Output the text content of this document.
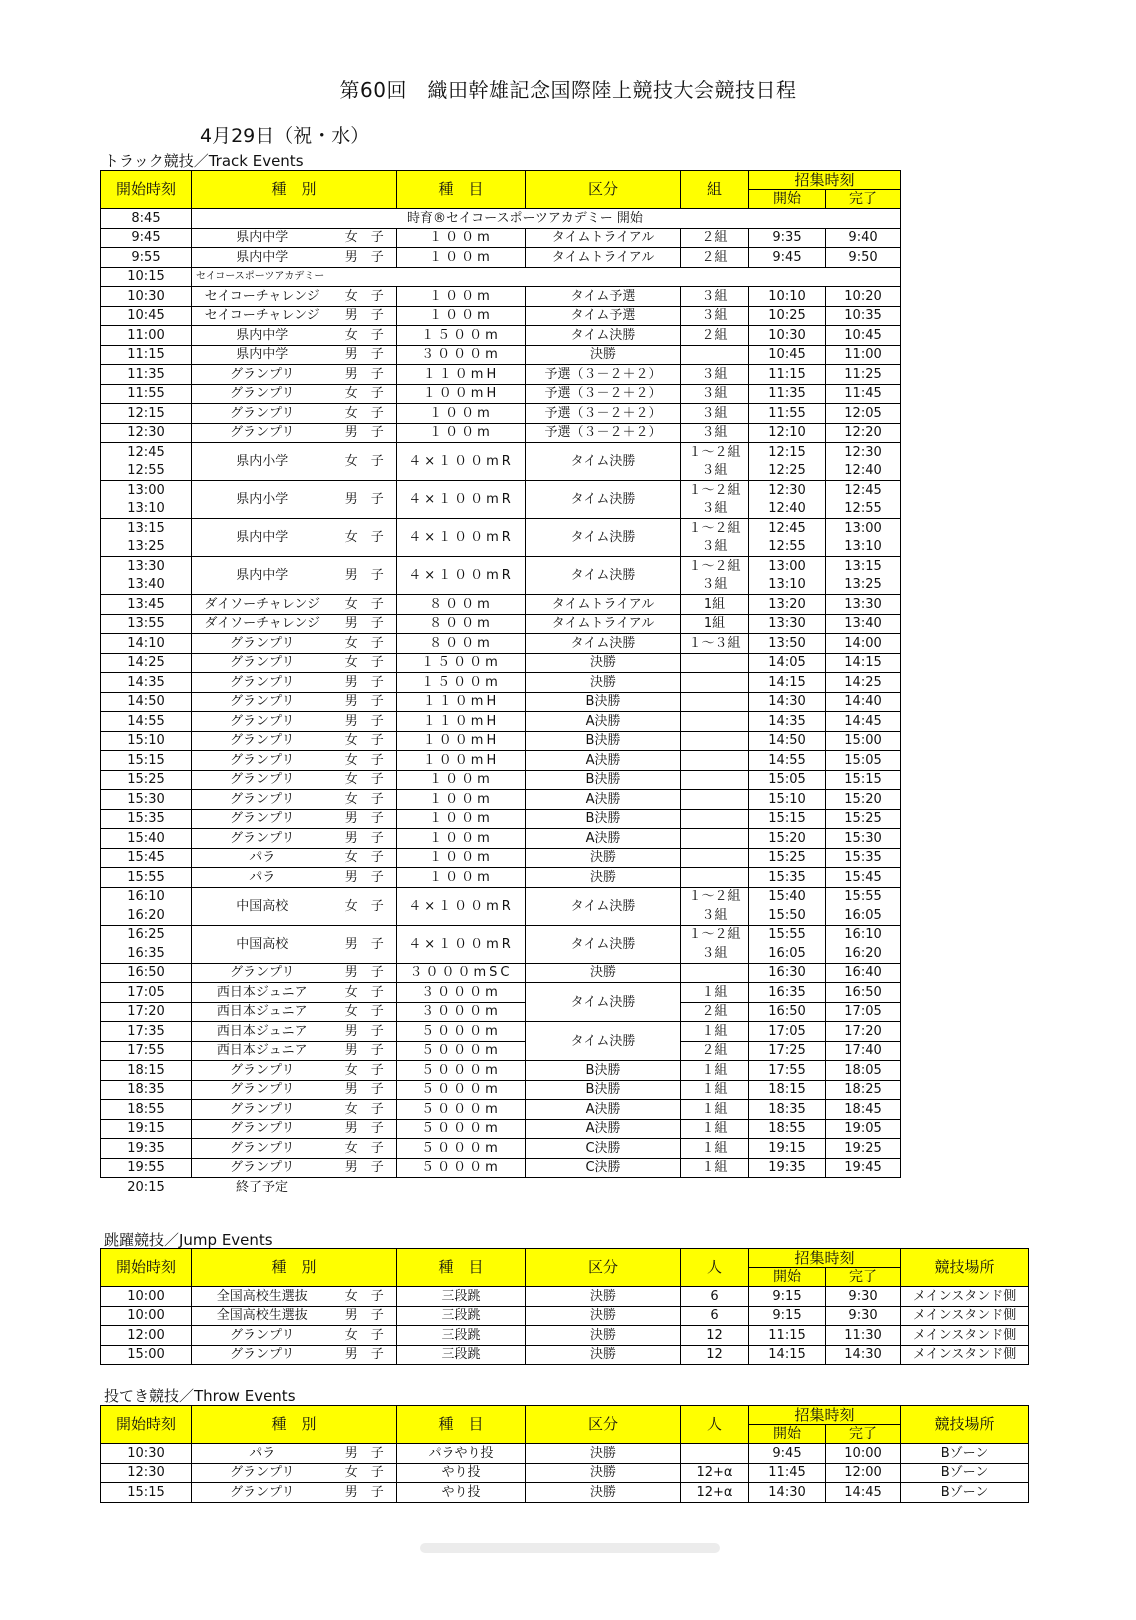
第60回　織田幹雄記念国際陸上競技大会競技日程
4月29日（祝・水）
トラック競技／Track Events
開始時刻	種　別		種　目	区分	組	招集時刻	
						開始	完了
8:45	時育®セイコースポーツアカデミー 開始						
9:45	県内中学	女　子	１００m	タイムトライアル	２組	9:35	9:40
9:55	県内中学	男　子	１００m	タイムトライアル	２組	9:45	9:50
10:15	セイコースポーツアカデミー						
10:30	セイコーチャレンジ	女　子	１００m	タイム予選	３組	10:10	10:20
10:45	セイコーチャレンジ	男　子	１００m	タイム予選	３組	10:25	10:35
11:00	県内中学	女　子	１５００m	タイム決勝	２組	10:30	10:45
11:15	県内中学	男　子	３０００m	決勝		10:45	11:00
11:35	グランプリ	男　子	１１０mH	予選（３－２＋２）	３組	11:15	11:25
11:55	グランプリ	女　子	１００mH	予選（３－２＋２）	３組	11:35	11:45
12:15	グランプリ	女　子	１００m	予選（３－２＋２）	３組	11:55	12:05
12:30	グランプリ	男　子	１００m	予選（３－２＋２）	３組	12:10	12:20
12:45	県内小学	女　子	４×１００mR	タイム決勝	１～２組	12:15	12:30
12:55					３組	12:25	12:40
13:00	県内小学	男　子	４×１００mR	タイム決勝	１～２組	12:30	12:45
13:10					３組	12:40	12:55
13:15	県内中学	女　子	４×１００mR	タイム決勝	１～２組	12:45	13:00
13:25					３組	12:55	13:10
13:30	県内中学	男　子	４×１００mR	タイム決勝	１～２組	13:00	13:15
13:40					３組	13:10	13:25
13:45	ダイソーチャレンジ	女　子	８００m	タイムトライアル	1組	13:20	13:30
13:55	ダイソーチャレンジ	男　子	８００m	タイムトライアル	1組	13:30	13:40
14:10	グランプリ	女　子	８００m	タイム決勝	１～３組	13:50	14:00
14:25	グランプリ	女　子	１５００m	決勝		14:05	14:15
14:35	グランプリ	男　子	１５００m	決勝		14:15	14:25
14:50	グランプリ	男　子	１１０mH	B決勝		14:30	14:40
14:55	グランプリ	男　子	１１０mH	A決勝		14:35	14:45
15:10	グランプリ	女　子	１００mH	B決勝		14:50	15:00
15:15	グランプリ	女　子	１００mH	A決勝		14:55	15:05
15:25	グランプリ	女　子	１００m	B決勝		15:05	15:15
15:30	グランプリ	女　子	１００m	A決勝		15:10	15:20
15:35	グランプリ	男　子	１００m	B決勝		15:15	15:25
15:40	グランプリ	男　子	１００m	A決勝		15:20	15:30
15:45	パラ	女　子	１００m	決勝		15:25	15:35
15:55	パラ	男　子	１００m	決勝		15:35	15:45
16:10	中国高校	女　子	４×１００mR	タイム決勝	１～２組	15:40	15:55
16:20					３組	15:50	16:05
16:25	中国高校	男　子	４×１００mR	タイム決勝	１～２組	15:55	16:10
16:35					３組	16:05	16:20
16:50	グランプリ	男　子	３０００mSC	決勝		16:30	16:40
17:05	西日本ジュニア	女　子	３０００m	タイム決勝	１組	16:35	16:50
17:20	西日本ジュニア	女　子	３０００m		２組	16:50	17:05
17:35	西日本ジュニア	男　子	５０００m	タイム決勝	１組	17:05	17:20
17:55	西日本ジュニア	男　子	５０００m		２組	17:25	17:40
18:15	グランプリ	女　子	５０００m	B決勝	１組	17:55	18:05
18:35	グランプリ	男　子	５０００m	B決勝	１組	18:15	18:25
18:55	グランプリ	女　子	５０００m	A決勝	１組	18:35	18:45
19:15	グランプリ	男　子	５０００m	A決勝	１組	18:55	19:05
19:35	グランプリ	女　子	５０００m	C決勝	１組	19:15	19:25
19:55	グランプリ	男　子	５０００m	C決勝	１組	19:35	19:45
20:15	終了予定						
跳躍競技／Jump Events
開始時刻	種　別		種　目	区分	人	招集時刻		競技場所
						開始	完了	
10:00	全国高校生選抜	女　子	三段跳	決勝	6	9:15	9:30	メインスタンド側
10:00	全国高校生選抜	男　子	三段跳	決勝	6	9:15	9:30	メインスタンド側
12:00	グランプリ	女　子	三段跳	決勝	12	11:15	11:30	メインスタンド側
15:00	グランプリ	男　子	三段跳	決勝	12	14:15	14:30	メインスタンド側
投てき競技／Throw Events
開始時刻	種　別		種　目	区分	人	招集時刻		競技場所
						開始	完了	
10:30	パラ	男　子	パラやり投	決勝		9:45	10:00	Bゾーン
12:30	グランプリ	女　子	やり投	決勝	12+α	11:45	12:00	Bゾーン
15:15	グランプリ	男　子	やり投	決勝	12+α	14:30	14:45	Bゾーン
